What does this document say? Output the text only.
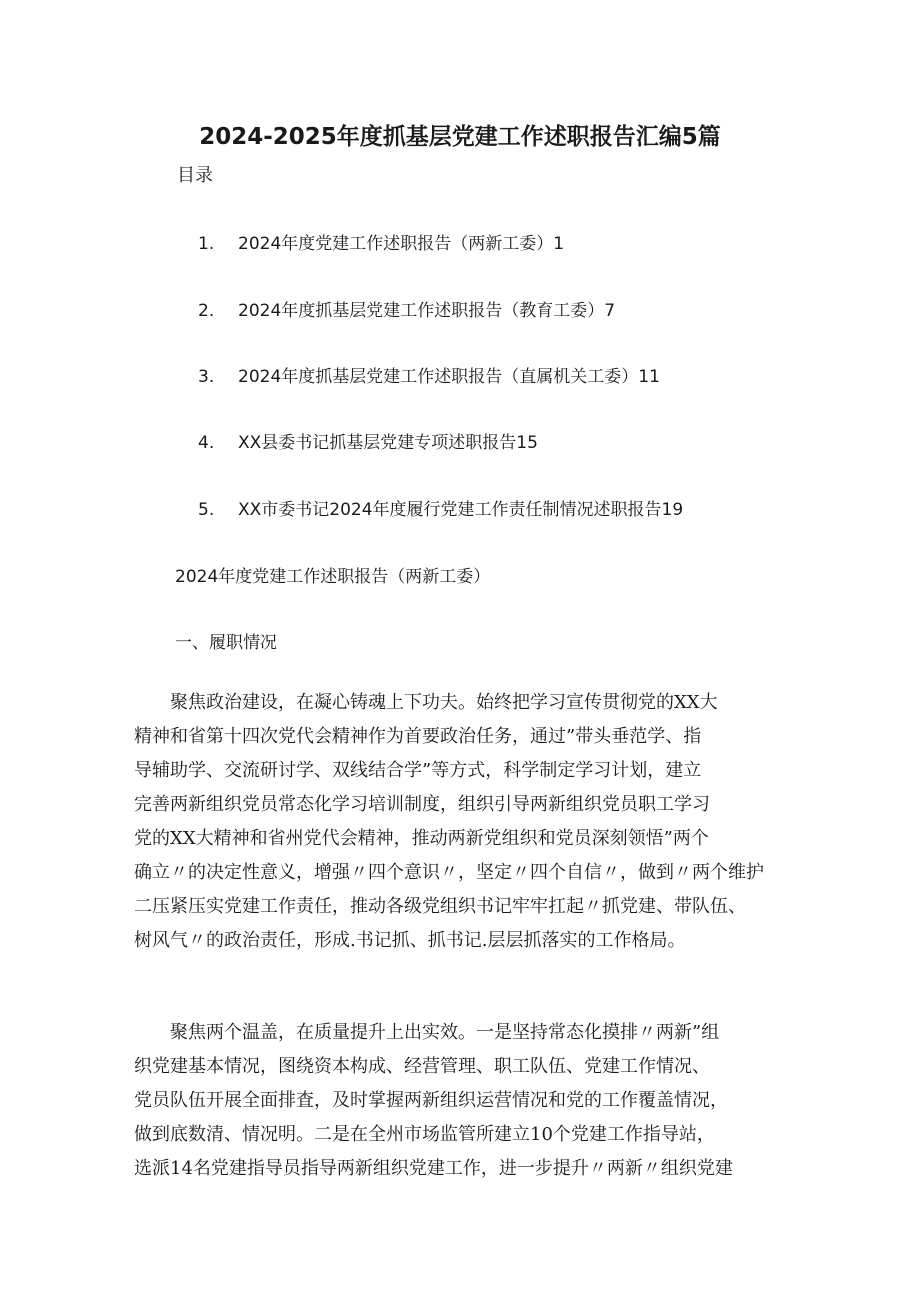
2024-2025年度抓基层党建工作述职报告汇编5篇
目录
1. 2024年度党建工作述职报告（两新工委）1
2. 2024年度抓基层党建工作述职报告（教育工委）7
3. 2024年度抓基层党建工作述职报告（直属机关工委）11
4. XX县委书记抓基层党建专项述职报告15
5. XX市委书记2024年度履行党建工作责任制情况述职报告19
2024年度党建工作述职报告（两新工委）
一、履职情况
　　聚焦政治建设，在凝心铸魂上下功夫。始终把学习宣传贯彻党的XX大
精神和省第十四次党代会精神作为首要政治任务，通过”带头垂范学、指
导辅助学、交流研讨学、双线结合学”等方式，科学制定学习计划，建立
完善两新组织党员常态化学习培训制度，组织引导两新组织党员职工学习
党的XX大精神和省州党代会精神，推动两新党组织和党员深刻领悟”两个
确立〃的决定性意义，增强〃四个意识〃，坚定〃四个自信〃，做到〃两个维护
二压紧压实党建工作责任，推动各级党组织书记牢牢扛起〃抓党建、带队伍、
树风气〃的政治责任，形成.书记抓、抓书记.层层抓落实的工作格局。
　　聚焦两个温盖，在质量提升上出实效。一是坚持常态化摸排〃两新”组
织党建基本情况，图绕资本构成、经营管理、职工队伍、党建工作情况、
党员队伍开展全面排査，及时掌握两新组织运营情况和党的工作覆盖情况，
做到底数清、情况明。二是在全州市场监管所建立10个党建工作指导站，
选派14名党建指导员指导两新组织党建工作，进一步提升〃两新〃组织党建
